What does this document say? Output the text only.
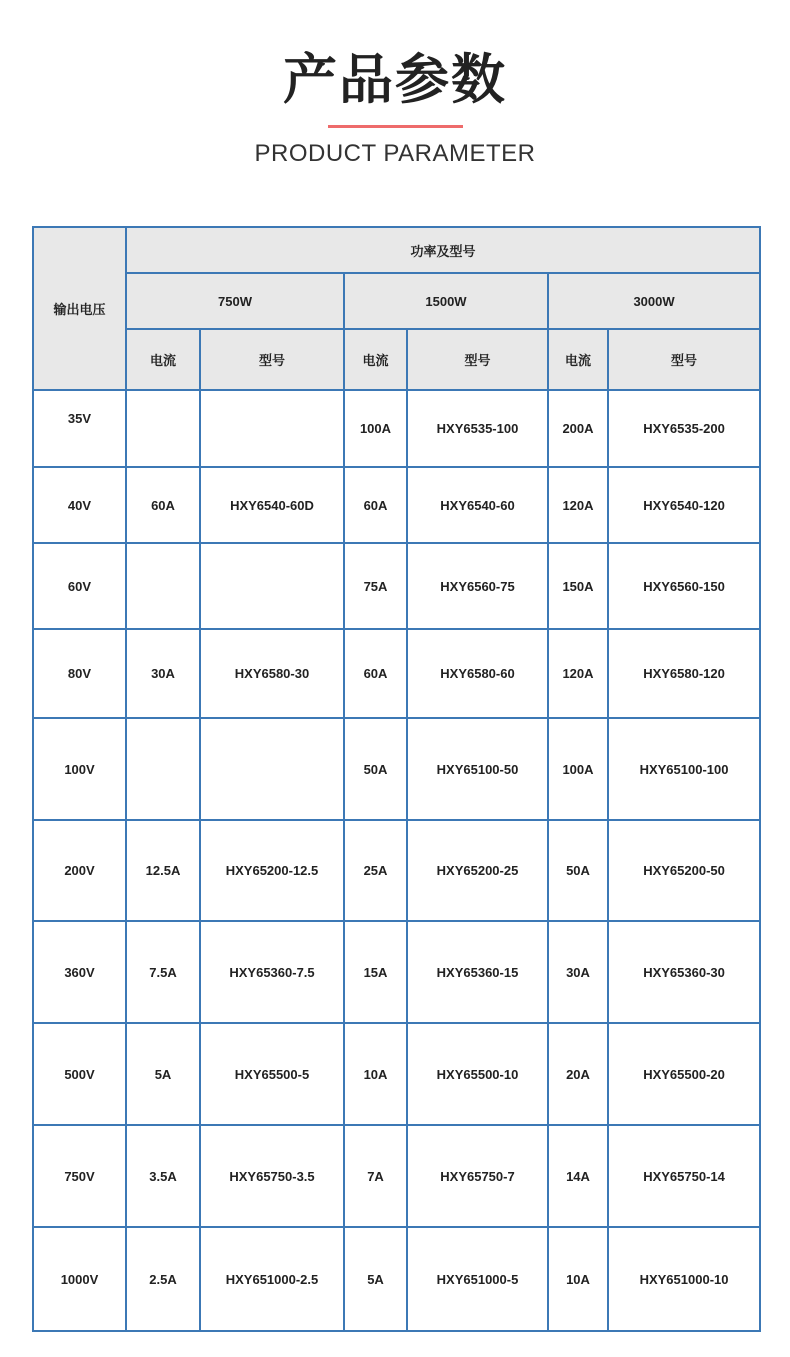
产品参数
PRODUCT PARAMETER
输出电压	功率及型号					
	750W		1500W		3000W	
	电流	型号	电流	型号	电流	型号
35V			100A	HXY6535-100	200A	HXY6535-200
40V	60A	HXY6540-60D	60A	HXY6540-60	120A	HXY6540-120
60V			75A	HXY6560-75	150A	HXY6560-150
80V	30A	HXY6580-30	60A	HXY6580-60	120A	HXY6580-120
100V			50A	HXY65100-50	100A	HXY65100-100
200V	12.5A	HXY65200-12.5	25A	HXY65200-25	50A	HXY65200-50
360V	7.5A	HXY65360-7.5	15A	HXY65360-15	30A	HXY65360-30
500V	5A	HXY65500-5	10A	HXY65500-10	20A	HXY65500-20
750V	3.5A	HXY65750-3.5	7A	HXY65750-7	14A	HXY65750-14
1000V	2.5A	HXY651000-2.5	5A	HXY651000-5	10A	HXY651000-10
